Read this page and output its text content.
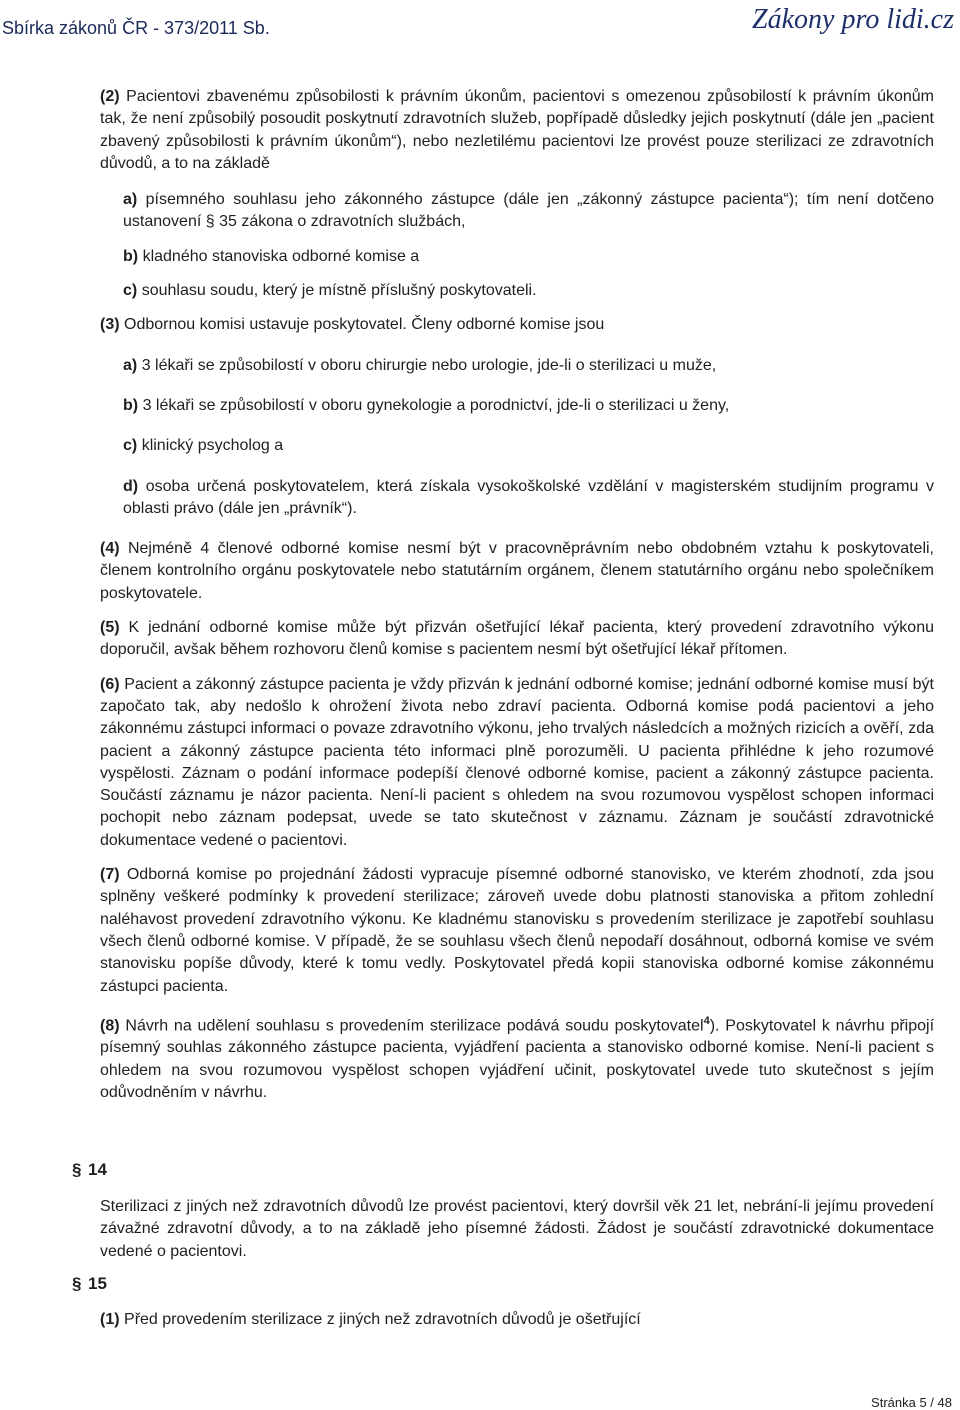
Sbírka zákonů ČR - 373/2011 Sb.	Zákony pro lidi.cz

(2) Pacientovi zbavenému způsobilosti k právním úkonům, pacientovi s omezenou způsobilostí k právním úkonům tak, že není způsobilý posoudit poskytnutí zdravotních služeb, popřípadě důsledky jejich poskytnutí (dále jen „pacient zbavený způsobilosti k právním úkonům“), nebo nezletilému pacientovi lze provést pouze sterilizaci ze zdravotních důvodů, a to na základě

a) písemného souhlasu jeho zákonného zástupce (dále jen „zákonný zástupce pacienta“); tím není dotčeno ustanovení § 35 zákona o zdravotních službách,

b) kladného stanoviska odborné komise a

c) souhlasu soudu, který je místně příslušný poskytovateli.

(3) Odbornou komisi ustavuje poskytovatel. Členy odborné komise jsou

a) 3 lékaři se způsobilostí v oboru chirurgie nebo urologie, jde-li o sterilizaci u muže,

b) 3 lékaři se způsobilostí v oboru gynekologie a porodnictví, jde-li o sterilizaci u ženy,

c) klinický psycholog a

d) osoba určená poskytovatelem, která získala vysokoškolské vzdělání v magisterském studijním programu v oblasti právo (dále jen „právník“).

(4) Nejméně 4 členové odborné komise nesmí být v pracovněprávním nebo obdobném vztahu k poskytovateli, členem kontrolního orgánu poskytovatele nebo statutárním orgánem, členem statutárního orgánu nebo společníkem poskytovatele.

(5) K jednání odborné komise může být přizván ošetřující lékař pacienta, který provedení zdravotního výkonu doporučil, avšak během rozhovoru členů komise s pacientem nesmí být ošetřující lékař přítomen.

(6) Pacient a zákonný zástupce pacienta je vždy přizván k jednání odborné komise; jednání odborné komise musí být započato tak, aby nedošlo k ohrožení života nebo zdraví pacienta. Odborná komise podá pacientovi a jeho zákonnému zástupci informaci o povaze zdravotního výkonu, jeho trvalých následcích a možných rizicích a ověří, zda pacient a zákonný zástupce pacienta této informaci plně porozuměli. U pacienta přihlédne k jeho rozumové vyspělosti. Záznam o podání informace podepíší členové odborné komise, pacient a zákonný zástupce pacienta. Součástí záznamu je názor pacienta. Není-li pacient s ohledem na svou rozumovou vyspělost schopen informaci pochopit nebo záznam podepsat, uvede se tato skutečnost v záznamu. Záznam je součástí zdravotnické dokumentace vedené o pacientovi.

(7) Odborná komise po projednání žádosti vypracuje písemné odborné stanovisko, ve kterém zhodnotí, zda jsou splněny veškeré podmínky k provedení sterilizace; zároveň uvede dobu platnosti stanoviska a přitom zohlední naléhavost provedení zdravotního výkonu. Ke kladnému stanovisku s provedením sterilizace je zapotřebí souhlasu všech členů odborné komise. V případě, že se souhlasu všech členů nepodaří dosáhnout, odborná komise ve svém stanovisku popíše důvody, které k tomu vedly. Poskytovatel předá kopii stanoviska odborné komise zákonnému zástupci pacienta.

(8) Návrh na udělení souhlasu s provedením sterilizace podává soudu poskytovatel$^4$). Poskytovatel k návrhu připojí písemný souhlas zákonného zástupce pacienta, vyjádření pacienta a stanovisko odborné komise. Není-li pacient s ohledem na svou rozumovou vyspělost schopen vyjádření učinit, poskytovatel uvede tuto skutečnost s jejím odůvodněním v návrhu.

§ 14

Sterilizaci z jiných než zdravotních důvodů lze provést pacientovi, který dovršil věk 21 let, nebrání-li jejímu provedení závažné zdravotní důvody, a to na základě jeho písemné žádosti. Žádost je součástí zdravotnické dokumentace vedené o pacientovi.

§ 15

(1) Před provedením sterilizace z jiných než zdravotních důvodů je ošetřující

Stránka 5 / 48
